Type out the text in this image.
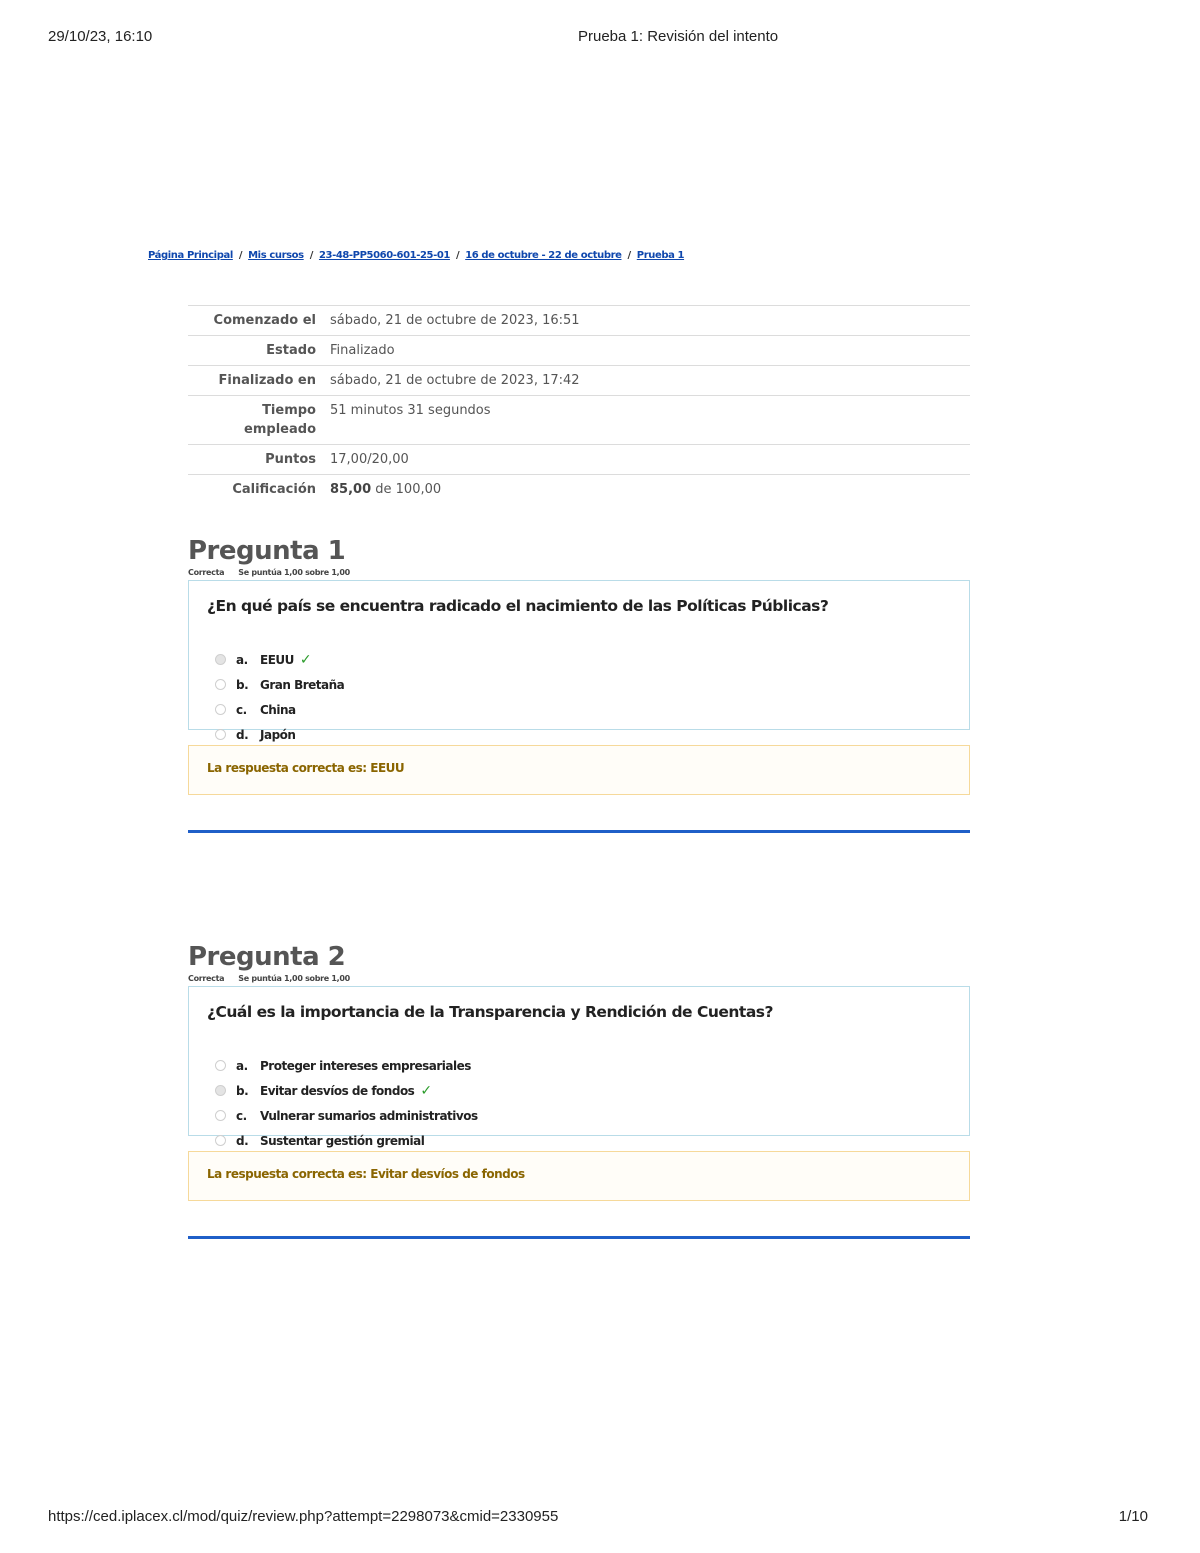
29/10/23, 16:10	Prueba 1: Revisión del intento
Página Principal / Mis cursos / 23-48-PP5060-601-25-01 / 16 de octubre - 22 de octubre / Prueba 1
Comenzado el	sábado, 21 de octubre de 2023, 16:51
Estado	Finalizado
Finalizado en	sábado, 21 de octubre de 2023, 17:42
Tiempo empleado	51 minutos 31 segundos
Puntos	17,00/20,00
Calificación	85,00 de 100,00
Pregunta 1
Correcta Se puntúa 1,00 sobre 1,00

¿En qué país se encuentra radicado el nacimiento de las Políticas Públicas?

a.	EEUU ✓
b. Gran Bretaña
c.	China
d. Japón
La respuesta correcta es: EEUU
Pregunta 2
Correcta Se puntúa 1,00 sobre 1,00

¿Cuál es la importancia de la Transparencia y Rendición de Cuentas?

a.	Proteger intereses empresariales
b. Evitar desvíos de fondos ✓
c.	Vulnerar sumarios administrativos
d. Sustentar gestión gremial
La respuesta correcta es: Evitar desvíos de fondos
https://ced.iplacex.cl/mod/quiz/review.php?attempt=2298073&cmid=2330955	1/10
